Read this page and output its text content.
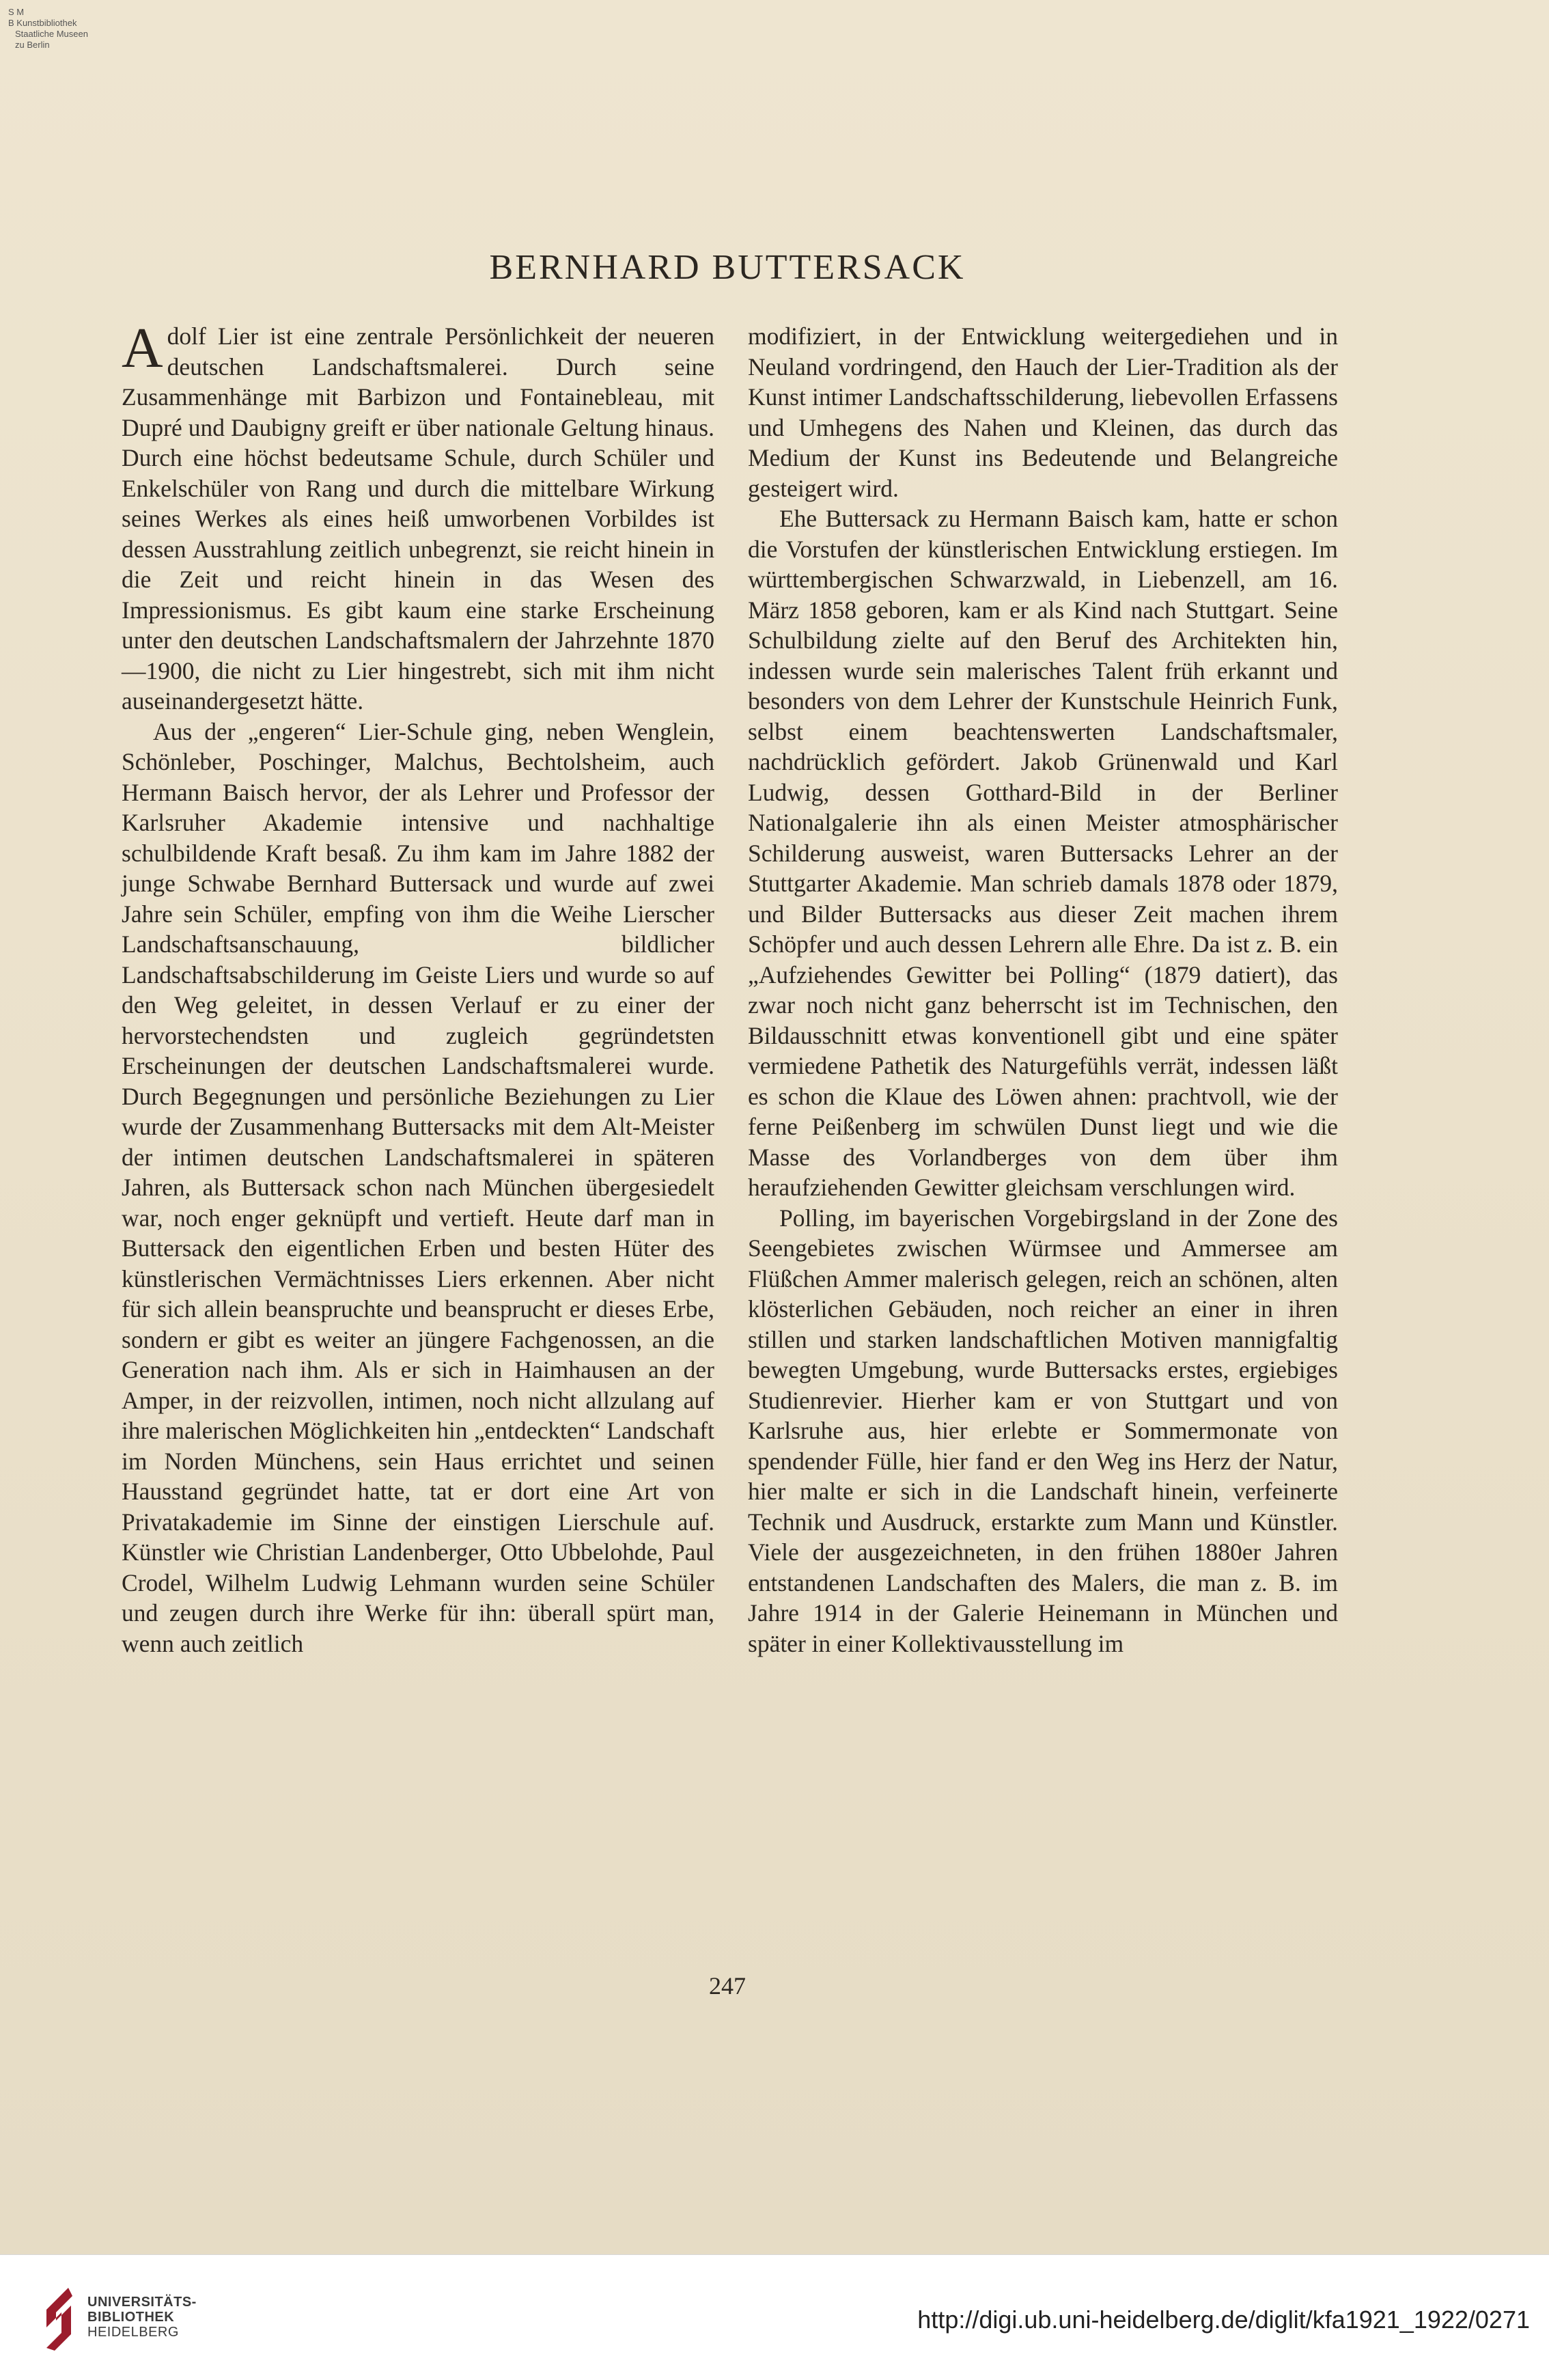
S M
B Kunstbibliothek
Staatliche Museen
zu Berlin
BERNHARD BUTTERSACK

Adolf Lier ist eine zentrale Persönlichkeit der neueren deutschen Landschaftsmalerei. Durch seine Zusammenhänge mit Barbizon und Fontainebleau, mit Dupré und Daubigny greift er über nationale Geltung hinaus. Durch eine höchst bedeutsame Schule, durch Schüler und Enkelschüler von Rang und durch die mittelbare Wirkung seines Werkes als eines heiß umworbenen Vorbildes ist dessen Ausstrahlung zeitlich unbegrenzt, sie reicht hinein in die Zeit und reicht hinein in das Wesen des Impressionismus. Es gibt kaum eine starke Erscheinung unter den deutschen Landschaftsmalern der Jahrzehnte 1870—1900, die nicht zu Lier hingestrebt, sich mit ihm nicht auseinandergesetzt hätte.

Aus der „engeren“ Lier-Schule ging, neben Wenglein, Schönleber, Poschinger, Malchus, Bechtolsheim, auch Hermann Baisch hervor, der als Lehrer und Professor der Karlsruher Akademie intensive und nachhaltige schulbildende Kraft besaß. Zu ihm kam im Jahre 1882 der junge Schwabe Bernhard Buttersack und wurde auf zwei Jahre sein Schüler, empfing von ihm die Weihe Lierscher Landschaftsanschauung, bildlicher Landschaftsabschilderung im Geiste Liers und wurde so auf den Weg geleitet, in dessen Verlauf er zu einer der hervorstechendsten und zugleich gegründetsten Erscheinungen der deutschen Landschaftsmalerei wurde. Durch Begegnungen und persönliche Beziehungen zu Lier wurde der Zusammenhang Buttersacks mit dem Alt-Meister der intimen deutschen Landschaftsmalerei in späteren Jahren, als Buttersack schon nach München übergesiedelt war, noch enger geknüpft und vertieft. Heute darf man in Buttersack den eigentlichen Erben und besten Hüter des künstlerischen Vermächtnisses Liers erkennen. Aber nicht für sich allein beanspruchte und beansprucht er dieses Erbe, sondern er gibt es weiter an jüngere Fachgenossen, an die Generation nach ihm. Als er sich in Haimhausen an der Amper, in der reizvollen, intimen, noch nicht allzulang auf ihre malerischen Möglichkeiten hin „entdeckten“ Landschaft im Norden Münchens, sein Haus errichtet und seinen Hausstand gegründet hatte, tat er dort eine Art von Privatakademie im Sinne der einstigen Lierschule auf. Künstler wie Christian Landenberger, Otto Ubbelohde, Paul Crodel, Wilhelm Ludwig Lehmann wurden seine Schüler und zeugen durch ihre Werke für ihn: überall spürt man, wenn auch zeitlich

modifiziert, in der Entwicklung weitergediehen und in Neuland vordringend, den Hauch der Lier-Tradition als der Kunst intimer Landschaftsschilderung, liebevollen Erfassens und Umhegens des Nahen und Kleinen, das durch das Medium der Kunst ins Bedeutende und Belangreiche gesteigert wird.

Ehe Buttersack zu Hermann Baisch kam, hatte er schon die Vorstufen der künstlerischen Entwicklung erstiegen. Im württembergischen Schwarzwald, in Liebenzell, am 16. März 1858 geboren, kam er als Kind nach Stuttgart. Seine Schulbildung zielte auf den Beruf des Architekten hin, indessen wurde sein malerisches Talent früh erkannt und besonders von dem Lehrer der Kunstschule Heinrich Funk, selbst einem beachtenswerten Landschaftsmaler, nachdrücklich gefördert. Jakob Grünenwald und Karl Ludwig, dessen Gotthard-Bild in der Berliner Nationalgalerie ihn als einen Meister atmosphärischer Schilderung ausweist, waren Buttersacks Lehrer an der Stuttgarter Akademie. Man schrieb damals 1878 oder 1879, und Bilder Buttersacks aus dieser Zeit machen ihrem Schöpfer und auch dessen Lehrern alle Ehre. Da ist z. B. ein „Aufziehendes Gewitter bei Polling“ (1879 datiert), das zwar noch nicht ganz beherrscht ist im Technischen, den Bildausschnitt etwas konventionell gibt und eine später vermiedene Pathetik des Naturgefühls verrät, indessen läßt es schon die Klaue des Löwen ahnen: prachtvoll, wie der ferne Peißenberg im schwülen Dunst liegt und wie die Masse des Vorlandberges von dem über ihm heraufziehenden Gewitter gleichsam verschlungen wird.

Polling, im bayerischen Vorgebirgsland in der Zone des Seengebietes zwischen Würmsee und Ammersee am Flüßchen Ammer malerisch gelegen, reich an schönen, alten klösterlichen Gebäuden, noch reicher an einer in ihren stillen und starken landschaftlichen Motiven mannigfaltig bewegten Umgebung, wurde Buttersacks erstes, ergiebiges Studienrevier. Hierher kam er von Stuttgart und von Karlsruhe aus, hier erlebte er Sommermonate von spendender Fülle, hier fand er den Weg ins Herz der Natur, hier malte er sich in die Landschaft hinein, verfeinerte Technik und Ausdruck, erstarkte zum Mann und Künstler. Viele der ausgezeichneten, in den frühen 1880er Jahren entstandenen Landschaften des Malers, die man z. B. im Jahre 1914 in der Galerie Heinemann in München und später in einer Kollektivausstellung im

247
UNIVERSITÄTS-
BIBLIOTHEK
HEIDELBERG	http://digi.ub.uni-heidelberg.de/diglit/kfa1921_1922/0271
